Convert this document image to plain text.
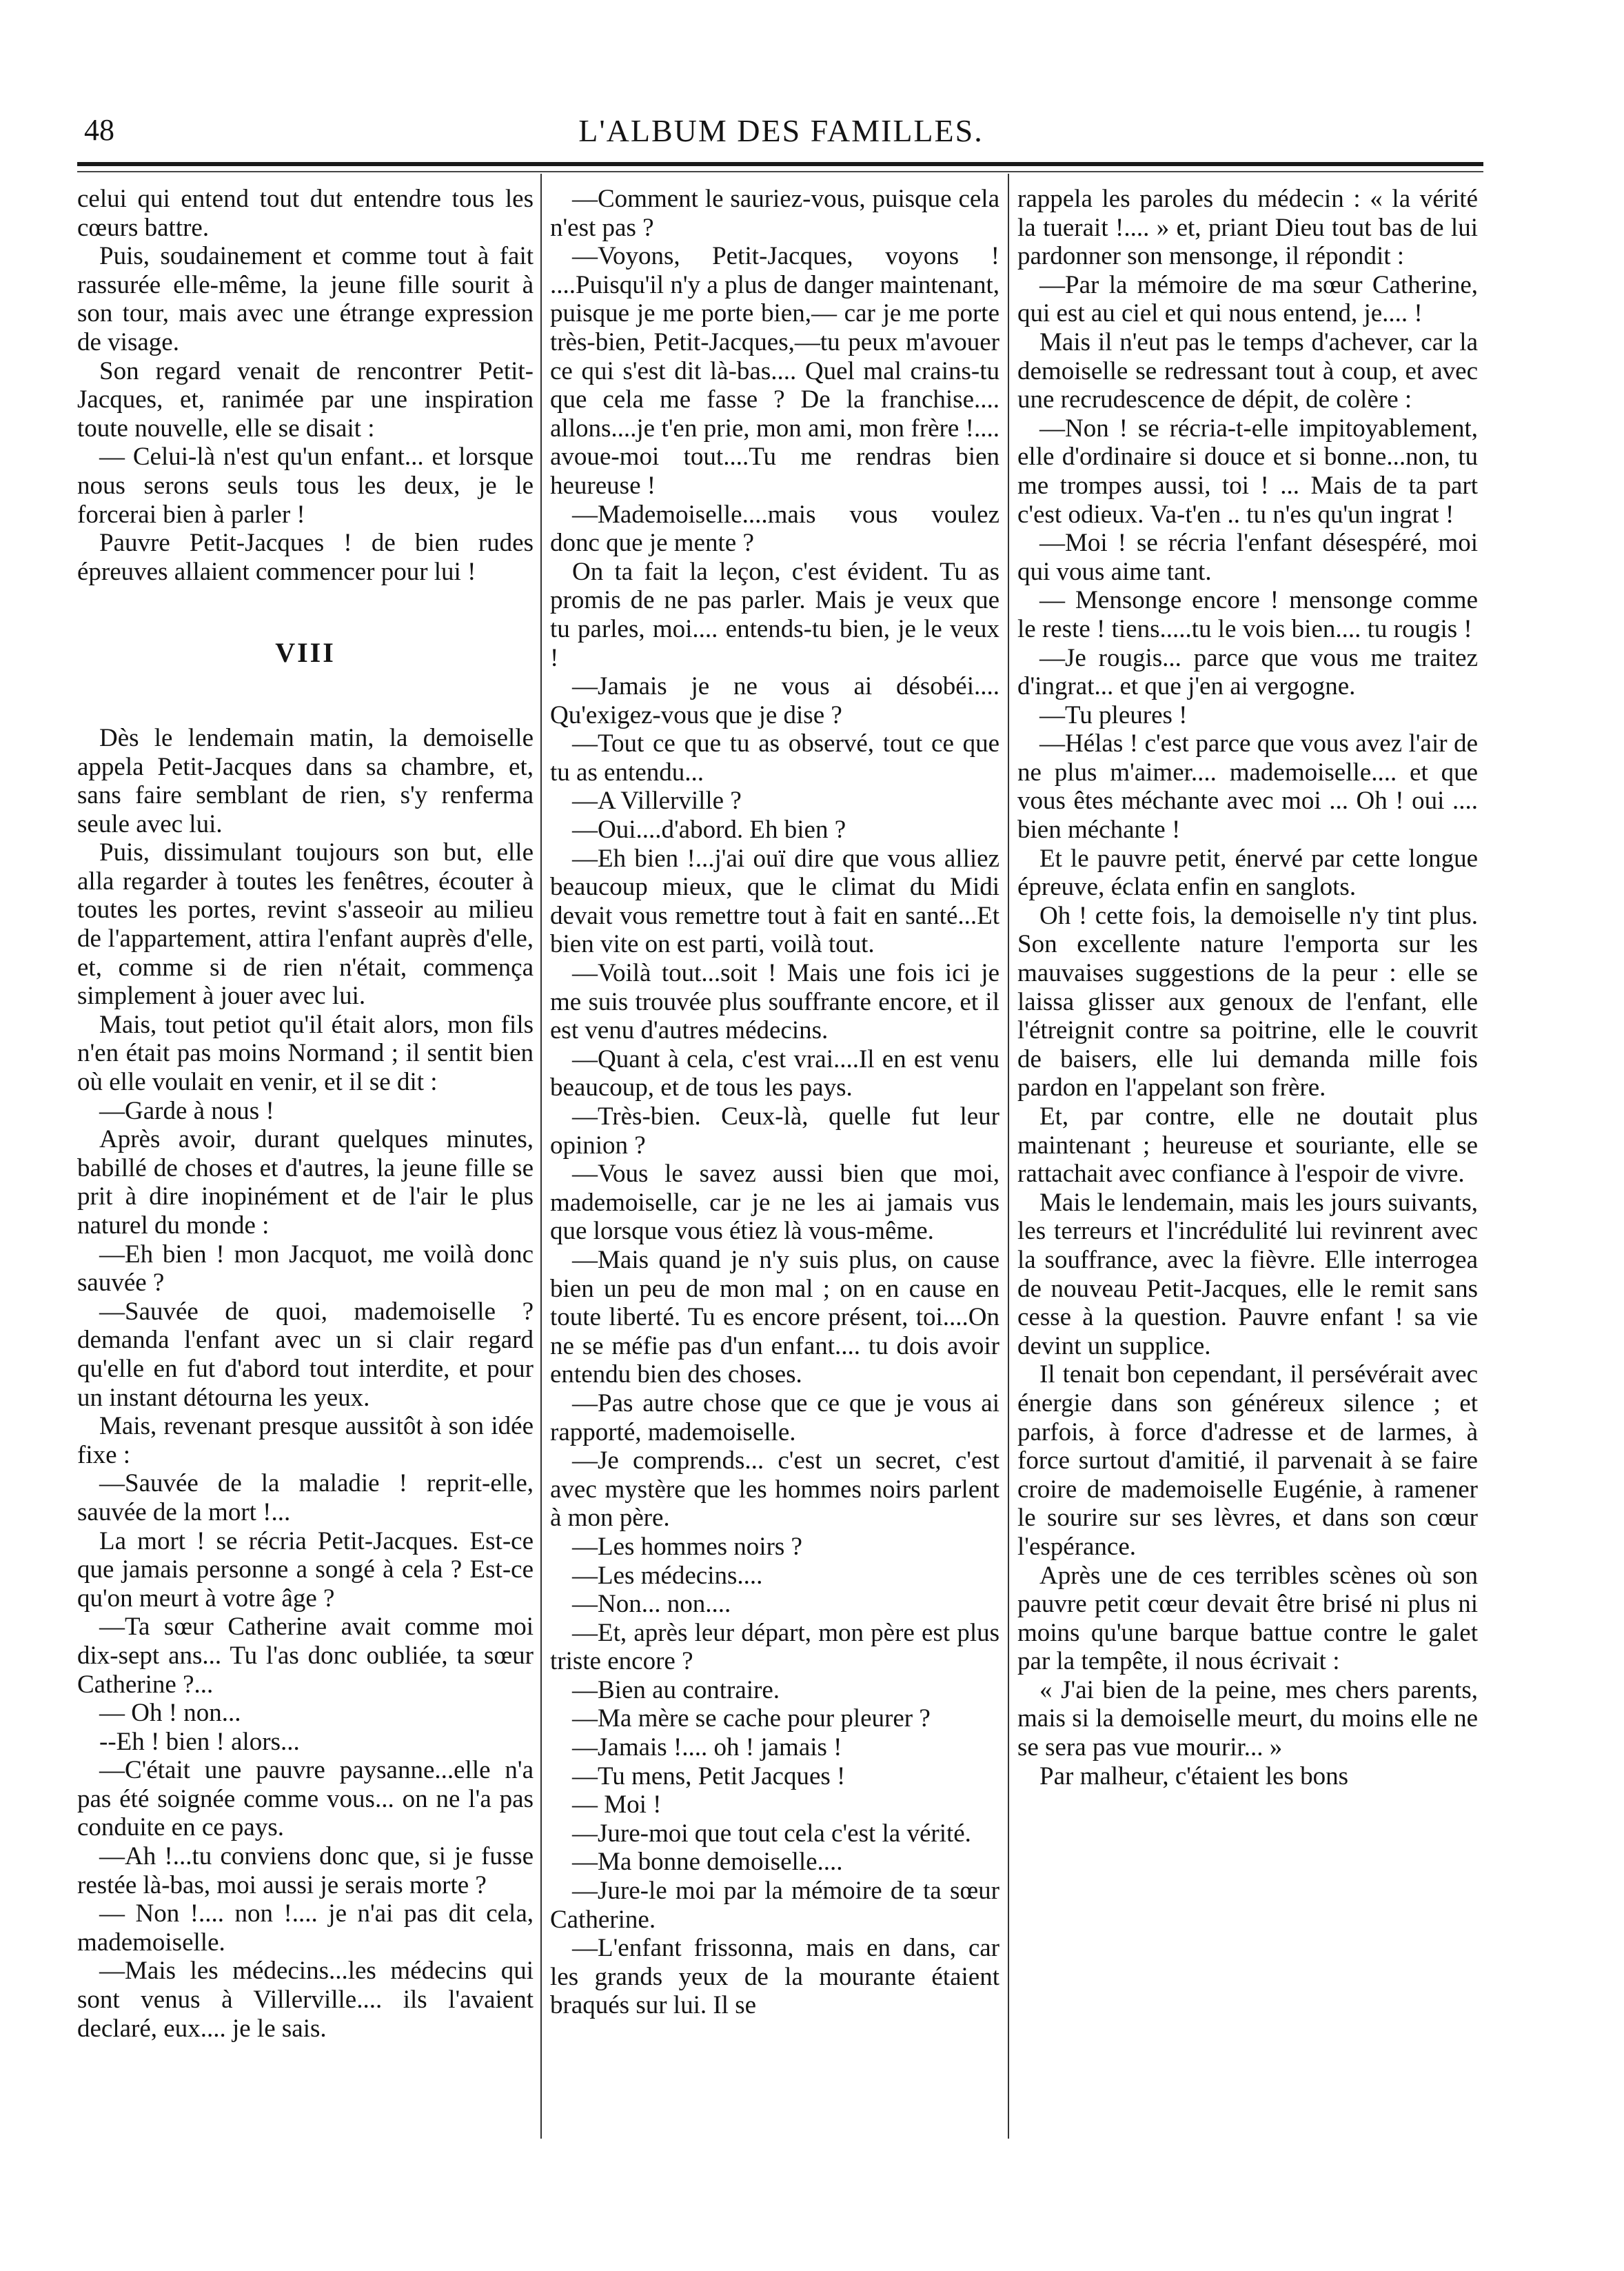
48	L'ALBUM DES FAMILLES.

celui qui entend tout dut entendre tous les cœurs battre.

Puis, soudainement et comme tout à fait rassurée elle-même, la jeune fille sourit à son tour, mais avec une étrange expression de visage.

Son regard venait de rencontrer Petit-Jacques, et, ranimée par une inspiration toute nouvelle, elle se disait :

— Celui-là n'est qu'un enfant... et lorsque nous serons seuls tous les deux, je le forcerai bien à parler !

Pauvre Petit-Jacques ! de bien rudes épreuves allaient commencer pour lui !

VIII

Dès le lendemain matin, la demoiselle appela Petit-Jacques dans sa chambre, et, sans faire semblant de rien, s'y renferma seule avec lui.

Puis, dissimulant toujours son but, elle alla regarder à toutes les fenêtres, écouter à toutes les portes, revint s'asseoir au milieu de l'appartement, attira l'enfant auprès d'elle, et, comme si de rien n'était, commença simplement à jouer avec lui.

Mais, tout petiot qu'il était alors, mon fils n'en était pas moins Normand ; il sentit bien où elle voulait en venir, et il se dit :

—Garde à nous !

Après avoir, durant quelques minutes, babillé de choses et d'autres, la jeune fille se prit à dire inopinément et de l'air le plus naturel du monde :

—Eh bien ! mon Jacquot, me voilà donc sauvée ?

—Sauvée de quoi, mademoiselle ? demanda l'enfant avec un si clair regard qu'elle en fut d'abord tout interdite, et pour un instant détourna les yeux.

Mais, revenant presque aussitôt à son idée fixe :

—Sauvée de la maladie ! reprit-elle, sauvée de la mort !...

La mort ! se récria Petit-Jacques. Est-ce que jamais personne a songé à cela ? Est-ce qu'on meurt à votre âge ?

—Ta sœur Catherine avait comme moi dix-sept ans... Tu l'as donc oubliée, ta sœur Catherine ?...

— Oh ! non...

--Eh ! bien ! alors...

—C'était une pauvre paysanne...elle n'a pas été soignée comme vous... on ne l'a pas conduite en ce pays.

—Ah !...tu conviens donc que, si je fusse restée là-bas, moi aussi je serais morte ?

— Non !.... non !.... je n'ai pas dit cela, mademoiselle.

—Mais les médecins...les médecins qui sont venus à Villerville.... ils l'avaient declaré, eux.... je le sais.

—Comment le sauriez-vous, puisque cela n'est pas ?

—Voyons, Petit-Jacques, voyons ! ....Puisqu'il n'y a plus de danger maintenant, puisque je me porte bien,— car je me porte très-bien, Petit-Jacques,—tu peux m'avouer ce qui s'est dit là-bas.... Quel mal crains-tu que cela me fasse ? De la franchise.... allons....je t'en prie, mon ami, mon frère !.... avoue-moi tout....Tu me rendras bien heureuse !

—Mademoiselle....mais vous voulez donc que je mente ?

On ta fait la leçon, c'est évident. Tu as promis de ne pas parler. Mais je veux que tu parles, moi.... entends-tu bien, je le veux !

—Jamais je ne vous ai désobéi.... Qu'exigez-vous que je dise ?

—Tout ce que tu as observé, tout ce que tu as entendu...

—A Villerville ?

—Oui....d'abord. Eh bien ?

—Eh bien !...j'ai ouï dire que vous alliez beaucoup mieux, que le climat du Midi devait vous remettre tout à fait en santé...Et bien vite on est parti, voilà tout.

—Voilà tout...soit ! Mais une fois ici je me suis trouvée plus souffrante encore, et il est venu d'autres médecins.

—Quant à cela, c'est vrai....Il en est venu beaucoup, et de tous les pays.

—Très-bien. Ceux-là, quelle fut leur opinion ?

—Vous le savez aussi bien que moi, mademoiselle, car je ne les ai jamais vus que lorsque vous étiez là vous-même.

—Mais quand je n'y suis plus, on cause bien un peu de mon mal ; on en cause en toute liberté. Tu es encore présent, toi....On ne se méfie pas d'un enfant.... tu dois avoir entendu bien des choses.

—Pas autre chose que ce que je vous ai rapporté, mademoiselle.

—Je comprends... c'est un secret, c'est avec mystère que les hommes noirs parlent à mon père.

—Les hommes noirs ?

—Les médecins....

—Non... non....

—Et, après leur départ, mon père est plus triste encore ?

—Bien au contraire.

—Ma mère se cache pour pleurer ?

—Jamais !.... oh ! jamais !

—Tu mens, Petit Jacques !

— Moi !

—Jure-moi que tout cela c'est la vérité.

—Ma bonne demoiselle....

—Jure-le moi par la mémoire de ta sœur Catherine.

—L'enfant frissonna, mais en dans, car les grands yeux de la mourante étaient braqués sur lui. Il se

rappela les paroles du médecin : « la vérité la tuerait !.... » et, priant Dieu tout bas de lui pardonner son mensonge, il répondit :

—Par la mémoire de ma sœur Catherine, qui est au ciel et qui nous entend, je.... !

Mais il n'eut pas le temps d'achever, car la demoiselle se redressant tout à coup, et avec une recrudescence de dépit, de colère :

—Non ! se récria-t-elle impitoyablement, elle d'ordinaire si douce et si bonne...non, tu me trompes aussi, toi ! ... Mais de ta part c'est odieux. Va-t'en .. tu n'es qu'un ingrat !

—Moi ! se récria l'enfant désespéré, moi qui vous aime tant.

— Mensonge encore ! mensonge comme le reste ! tiens.....tu le vois bien.... tu rougis !

—Je rougis... parce que vous me traitez d'ingrat... et que j'en ai vergogne.

—Tu pleures !

—Hélas ! c'est parce que vous avez l'air de ne plus m'aimer.... mademoiselle.... et que vous êtes méchante avec moi ... Oh ! oui .... bien méchante !

Et le pauvre petit, énervé par cette longue épreuve, éclata enfin en sanglots.

Oh ! cette fois, la demoiselle n'y tint plus. Son excellente nature l'emporta sur les mauvaises suggestions de la peur : elle se laissa glisser aux genoux de l'enfant, elle l'étreignit contre sa poitrine, elle le couvrit de baisers, elle lui demanda mille fois pardon en l'appelant son frère.

Et, par contre, elle ne doutait plus maintenant ; heureuse et souriante, elle se rattachait avec confiance à l'espoir de vivre.

Mais le lendemain, mais les jours suivants, les terreurs et l'incrédulité lui revinrent avec la souffrance, avec la fièvre. Elle interrogea de nouveau Petit-Jacques, elle le remit sans cesse à la question. Pauvre enfant ! sa vie devint un supplice.

Il tenait bon cependant, il persévérait avec énergie dans son généreux silence ; et parfois, à force d'adresse et de larmes, à force surtout d'amitié, il parvenait à se faire croire de mademoiselle Eugénie, à ramener le sourire sur ses lèvres, et dans son cœur l'espérance.

Après une de ces terribles scènes où son pauvre petit cœur devait être brisé ni plus ni moins qu'une barque battue contre le galet par la tempête, il nous écrivait :

« J'ai bien de la peine, mes chers parents, mais si la demoiselle meurt, du moins elle ne se sera pas vue mourir... »

Par malheur, c'étaient les bons
